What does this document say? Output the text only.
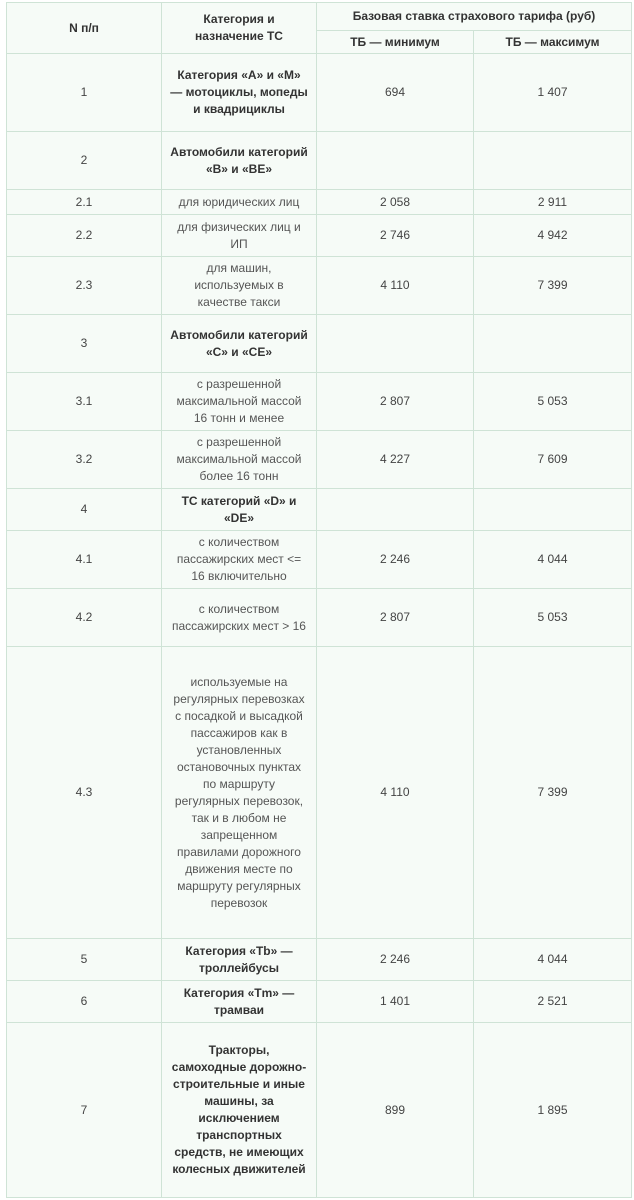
N п/п	Категория и назначение ТС	Базовая ставка страхового тарифа (руб)	
		ТБ — минимум	ТБ — максимум
1	Категория «А» и «М» — мотоциклы, мопеды и квадрициклы	694	1 407
2	Автомобили категорий «В» и «ВЕ»		
2.1	для юридических лиц	2 058	2 911
2.2	для физических лиц и ИП	2 746	4 942
2.3	для машин, используемых в качестве такси	4 110	7 399
3	Автомобили категорий «С» и «СЕ»		
3.1	с разрешенной максимальной массой 16 тонн и менее	2 807	5 053
3.2	с разрешенной максимальной массой более 16 тонн	4 227	7 609
4	ТС категорий «D» и «DE»		
4.1	с количеством пассажирских мест <= 16 включительно	2 246	4 044
4.2	с количеством пассажирских мест > 16	2 807	5 053
4.3	используемые на регулярных перевозках с посадкой и высадкой пассажиров как в установленных остановочных пунктах по маршруту регулярных перевозок, так и в любом не запрещенном правилами дорожного движения месте по маршруту регулярных перевозок	4 110	7 399
5	Категория «Tb» — троллейбусы	2 246	4 044
6	Категория «Tm» — трамваи	1 401	2 521
7	Тракторы, самоходные дорожно-строительные и иные машины, за исключением транспортных средств, не имеющих колесных движителей	899	1 895
